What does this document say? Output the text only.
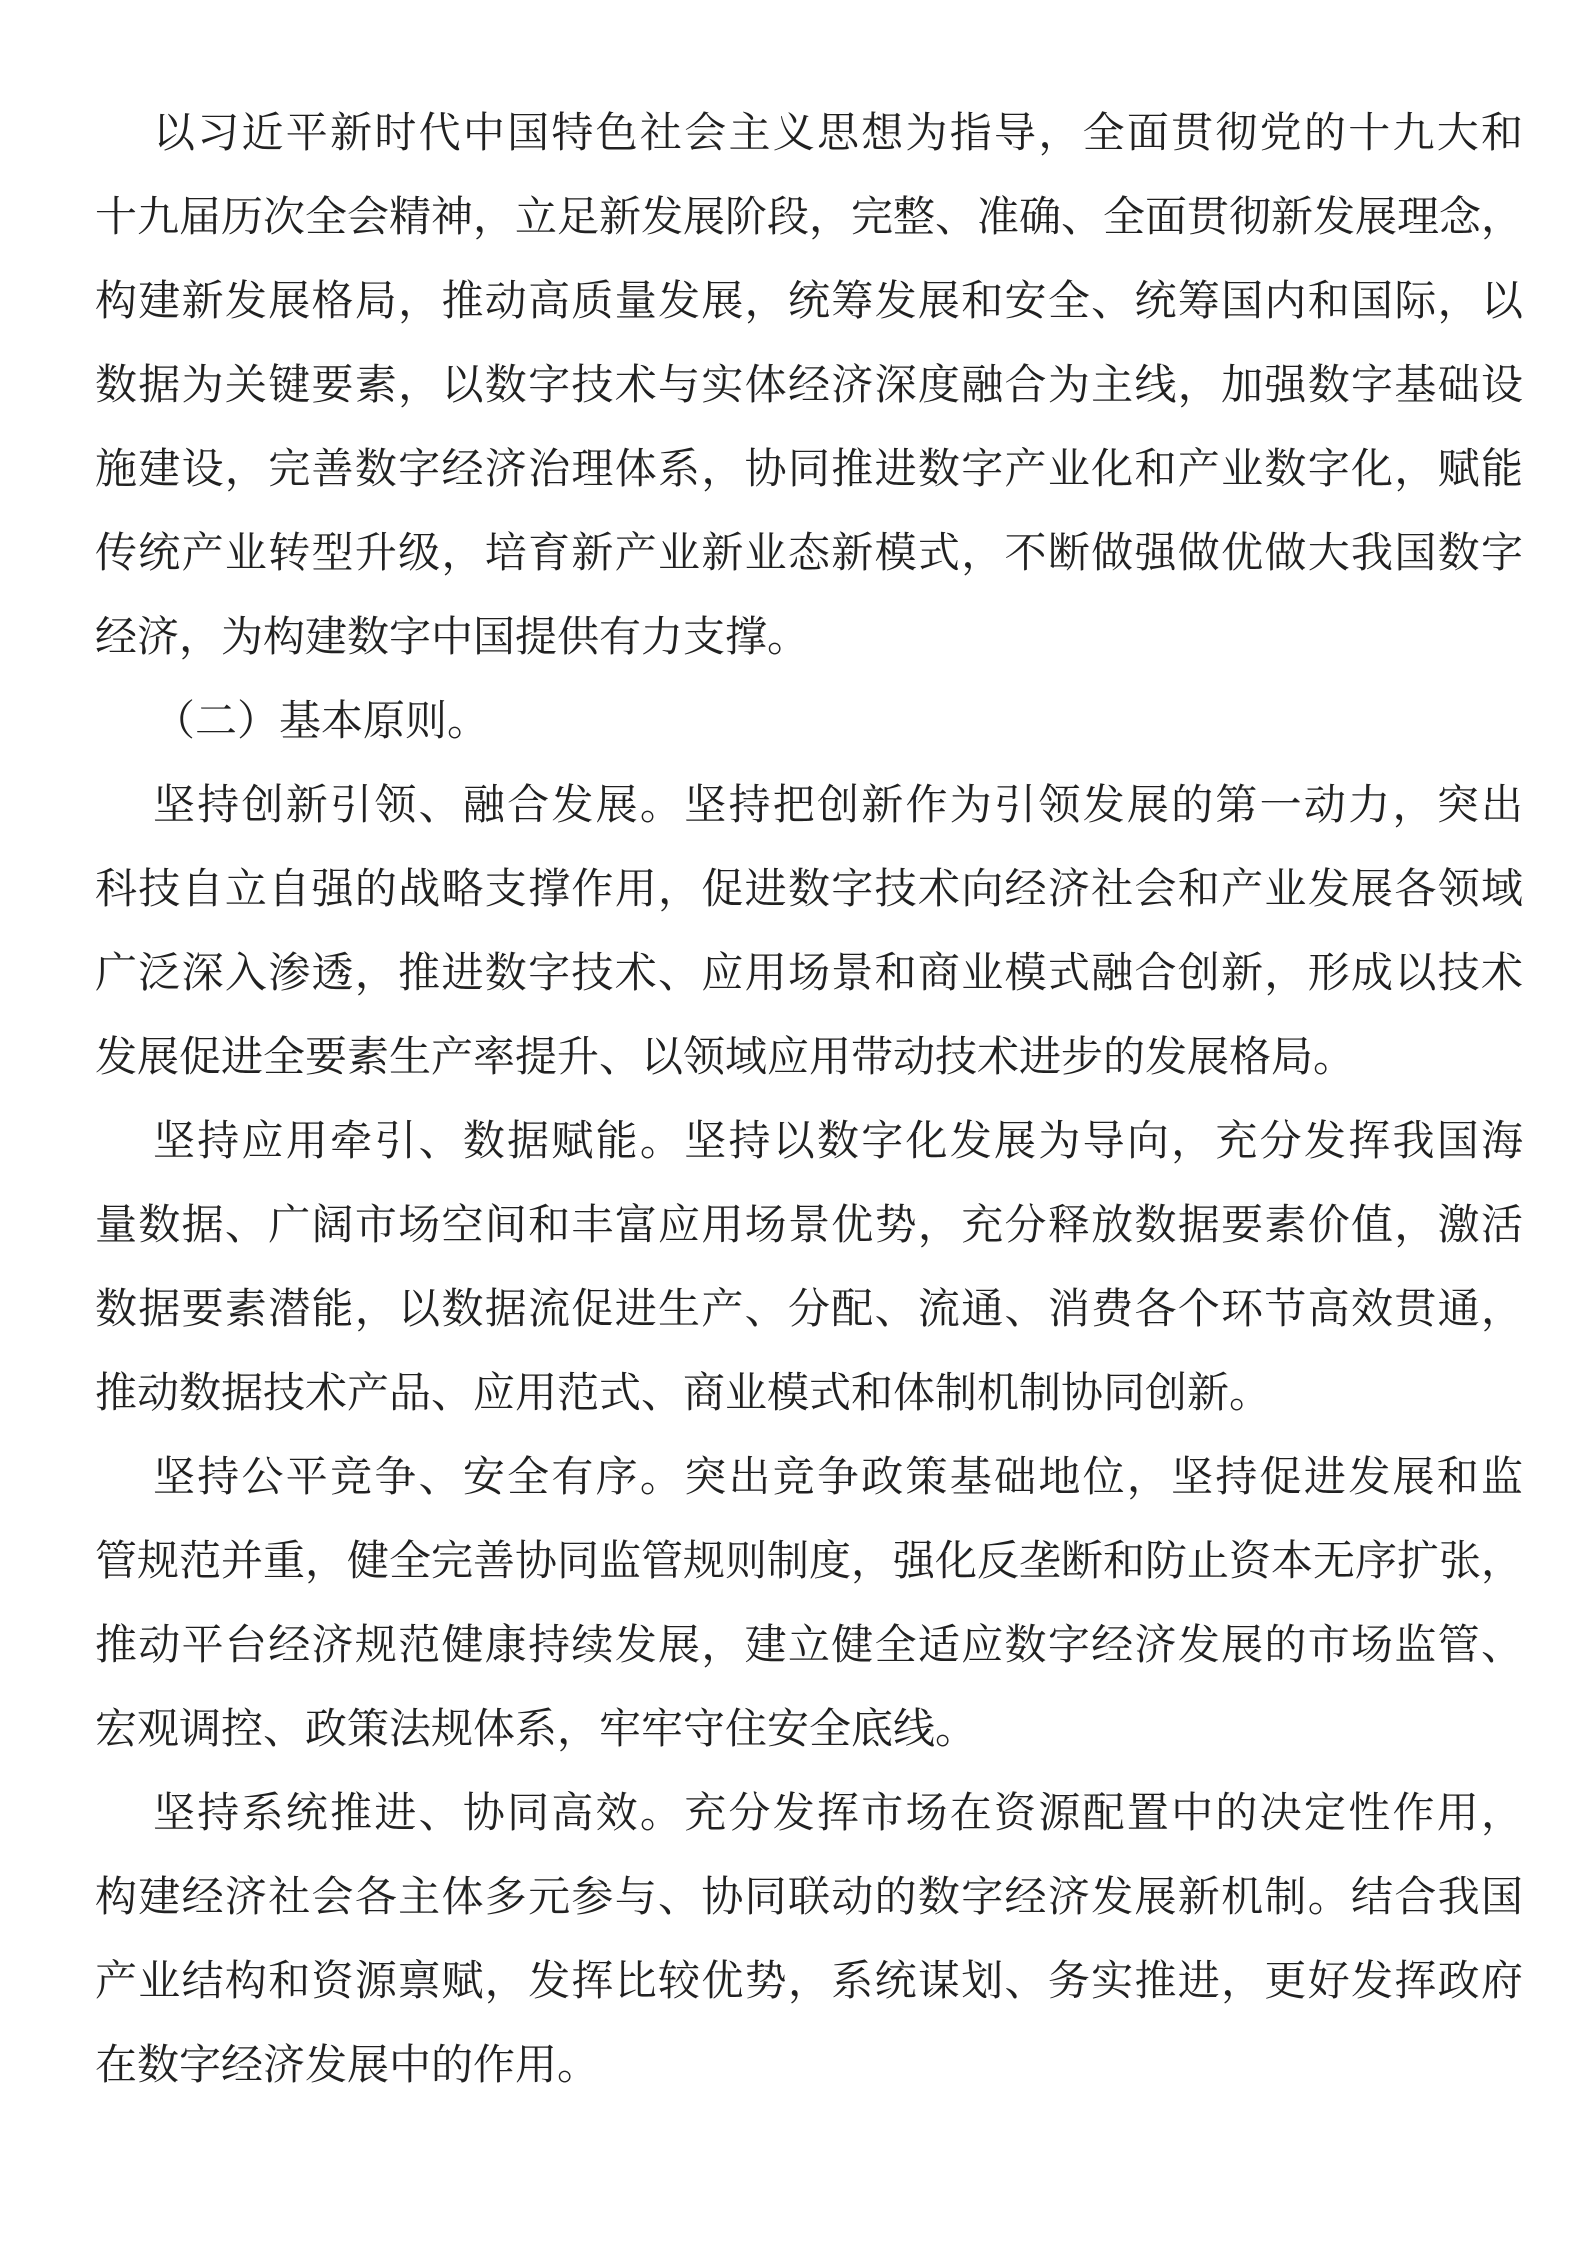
以习近平新时代中国特色社会主义思想为指导，全面贯彻党的十九大和
十九届历次全会精神，立足新发展阶段，完整、准确、全面贯彻新发展理念，
构建新发展格局，推动高质量发展，统筹发展和安全、统筹国内和国际，以
数据为关键要素，以数字技术与实体经济深度融合为主线，加强数字基础设
施建设，完善数字经济治理体系，协同推进数字产业化和产业数字化，赋能
传统产业转型升级，培育新产业新业态新模式，不断做强做优做大我国数字
经济，为构建数字中国提供有力支撑。
（二）基本原则。
坚持创新引领、融合发展。坚持把创新作为引领发展的第一动力，突出
科技自立自强的战略支撑作用，促进数字技术向经济社会和产业发展各领域
广泛深入渗透，推进数字技术、应用场景和商业模式融合创新，形成以技术
发展促进全要素生产率提升、以领域应用带动技术进步的发展格局。
坚持应用牵引、数据赋能。坚持以数字化发展为导向，充分发挥我国海
量数据、广阔市场空间和丰富应用场景优势，充分释放数据要素价值，激活
数据要素潜能，以数据流促进生产、分配、流通、消费各个环节高效贯通，
推动数据技术产品、应用范式、商业模式和体制机制协同创新。
坚持公平竞争、安全有序。突出竞争政策基础地位，坚持促进发展和监
管规范并重，健全完善协同监管规则制度，强化反垄断和防止资本无序扩张，
推动平台经济规范健康持续发展，建立健全适应数字经济发展的市场监管、
宏观调控、政策法规体系，牢牢守住安全底线。
坚持系统推进、协同高效。充分发挥市场在资源配置中的决定性作用，
构建经济社会各主体多元参与、协同联动的数字经济发展新机制。结合我国
产业结构和资源禀赋，发挥比较优势，系统谋划、务实推进，更好发挥政府
在数字经济发展中的作用。
